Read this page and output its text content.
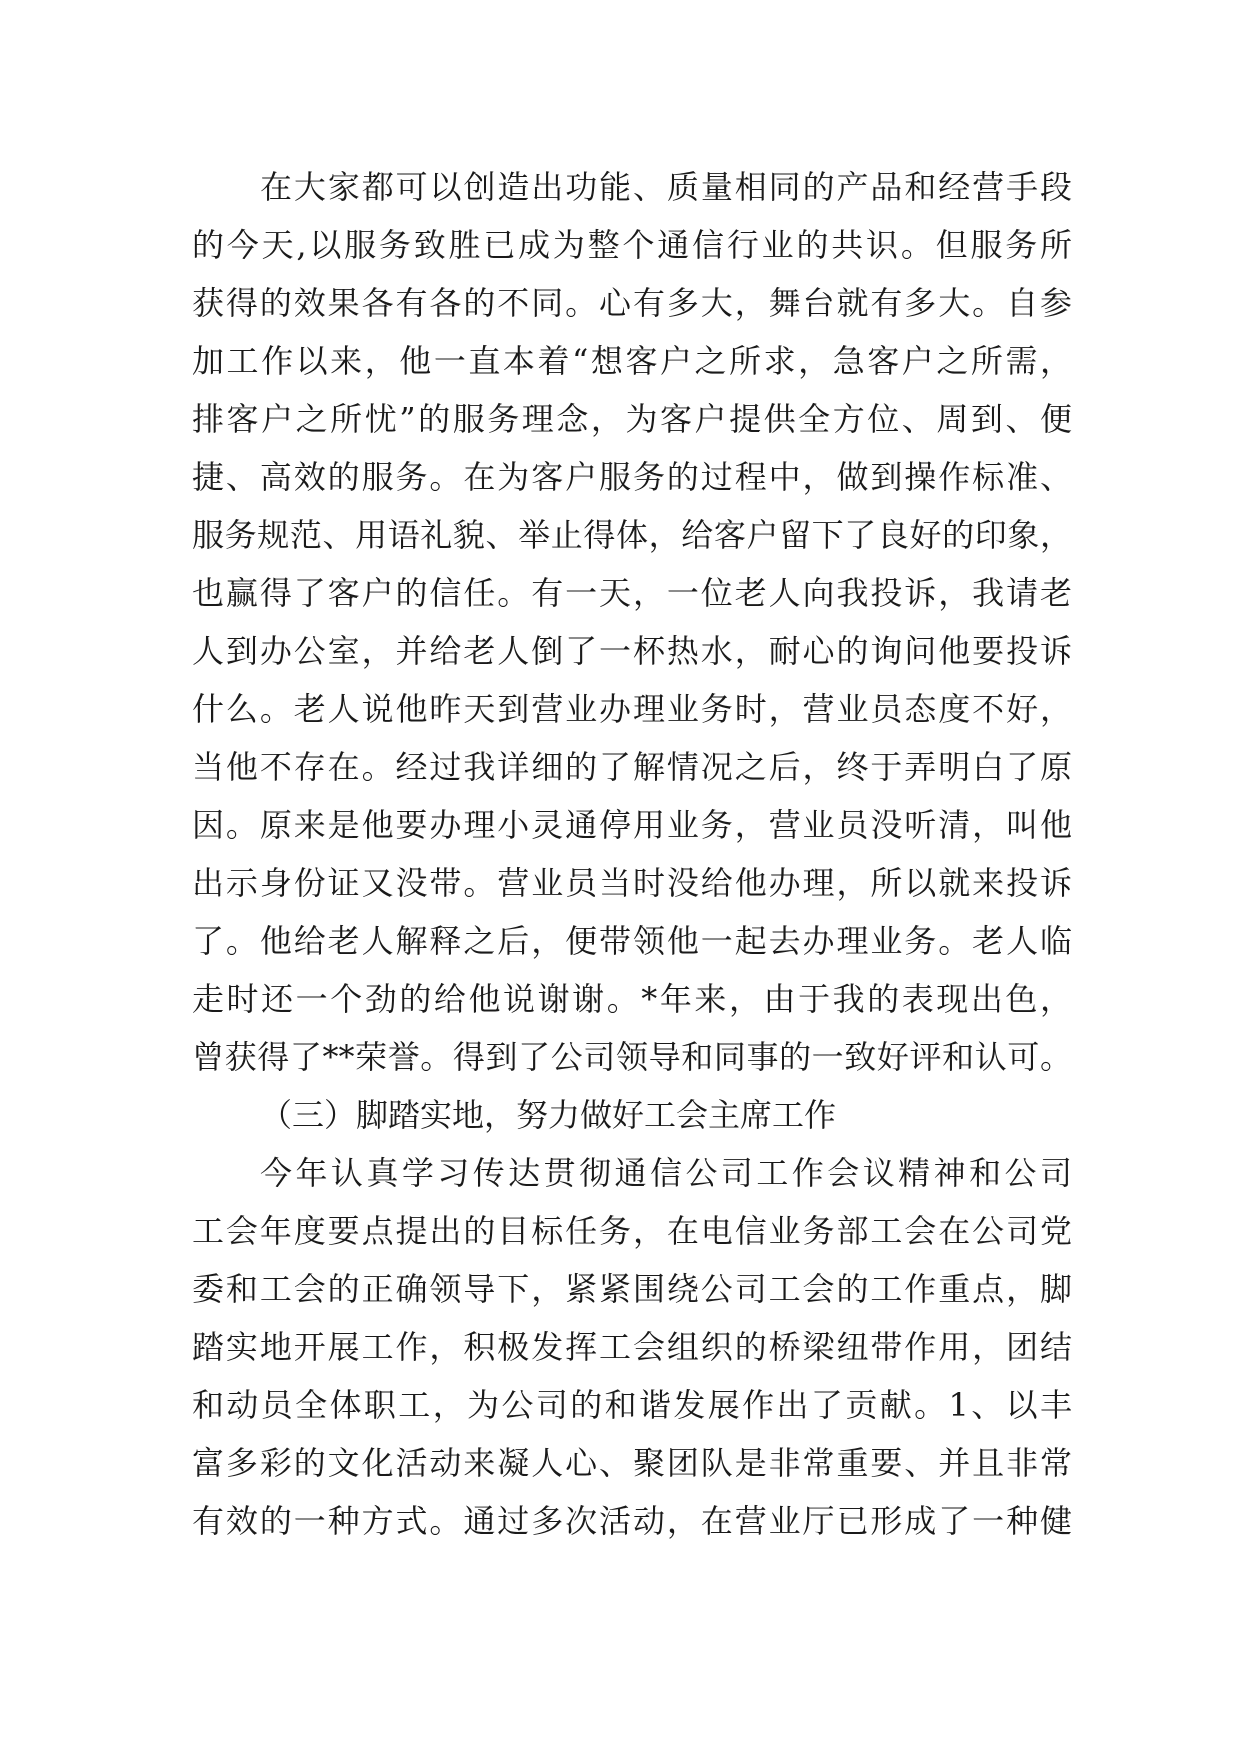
在大家都可以创造出功能、质量相同的产品和经营手段
的今天,以服务致胜已成为整个通信行业的共识。但服务所
获得的效果各有各的不同。心有多大，舞台就有多大。自参
加工作以来，他一直本着“想客户之所求，急客户之所需，
排客户之所忧”的服务理念，为客户提供全方位、周到、便
捷、高效的服务。在为客户服务的过程中，做到操作标准、
服务规范、用语礼貌、举止得体，给客户留下了良好的印象，
也赢得了客户的信任。有一天，一位老人向我投诉，我请老
人到办公室，并给老人倒了一杯热水，耐心的询问他要投诉
什么。老人说他昨天到营业办理业务时，营业员态度不好，
当他不存在。经过我详细的了解情况之后，终于弄明白了原
因。原来是他要办理小灵通停用业务，营业员没听清，叫他
出示身份证又没带。营业员当时没给他办理，所以就来投诉
了。他给老人解释之后，便带领他一起去办理业务。老人临
走时还一个劲的给他说谢谢。*年来，由于我的表现出色，
曾获得了**荣誉。得到了公司领导和同事的一致好评和认可。
（三）脚踏实地，努力做好工会主席工作
今年认真学习传达贯彻通信公司工作会议精神和公司
工会年度要点提出的目标任务，在电信业务部工会在公司党
委和工会的正确领导下，紧紧围绕公司工会的工作重点，脚
踏实地开展工作，积极发挥工会组织的桥梁纽带作用，团结
和动员全体职工，为公司的和谐发展作出了贡献。1、以丰
富多彩的文化活动来凝人心、聚团队是非常重要、并且非常
有效的一种方式。通过多次活动，在营业厅已形成了一种健
